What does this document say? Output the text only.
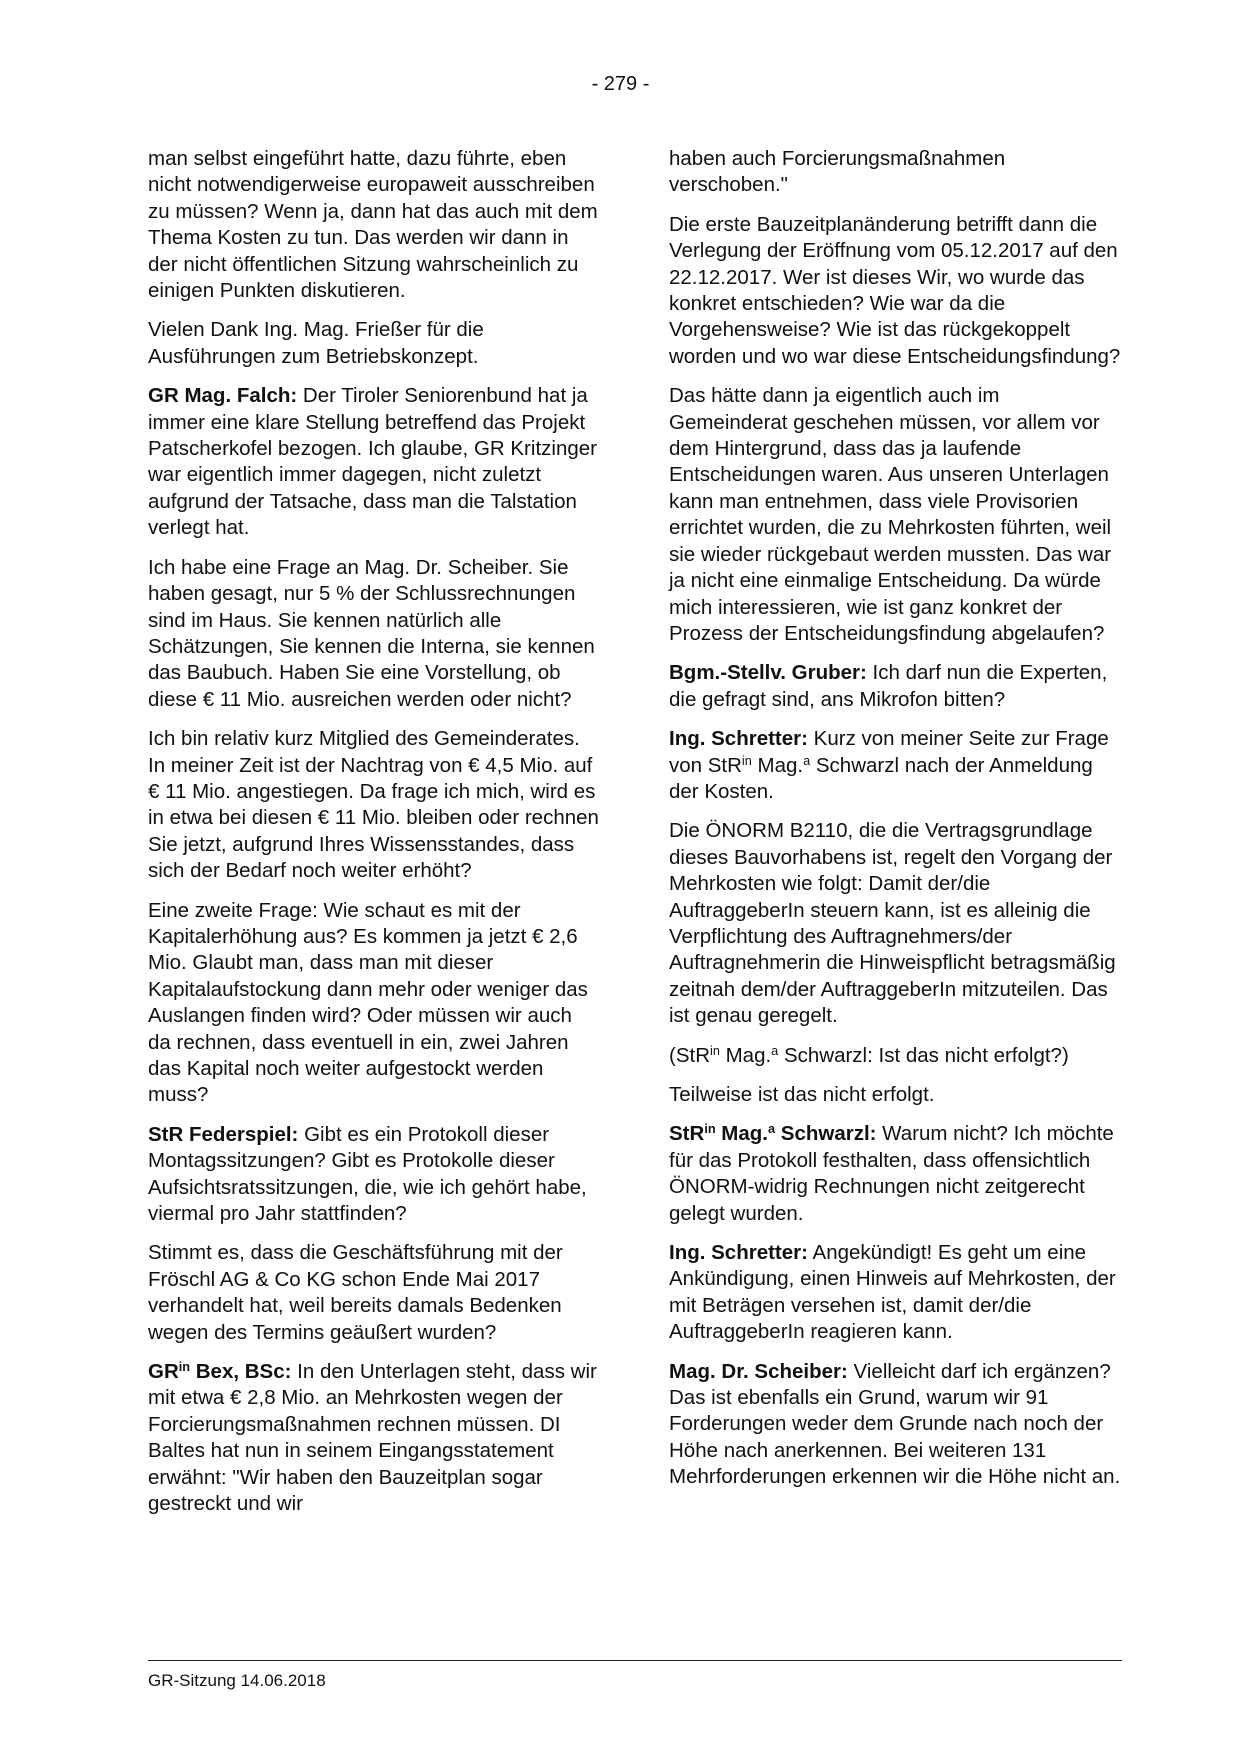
- 279 -

man selbst eingeführt hatte, dazu führte, eben nicht notwendigerweise europaweit ausschreiben zu müssen? Wenn ja, dann hat das auch mit dem Thema Kosten zu tun. Das werden wir dann in der nicht öffentlichen Sitzung wahrscheinlich zu einigen Punkten diskutieren.

Vielen Dank Ing. Mag. Frießer für die Ausführungen zum Betriebskonzept.

GR Mag. Falch: Der Tiroler Seniorenbund hat ja immer eine klare Stellung betreffend das Projekt Patscherkofel bezogen. Ich glaube, GR Kritzinger war eigentlich immer dagegen, nicht zuletzt aufgrund der Tatsache, dass man die Talstation verlegt hat.

Ich habe eine Frage an Mag. Dr. Scheiber. Sie haben gesagt, nur 5 % der Schlussrechnungen sind im Haus. Sie kennen natürlich alle Schätzungen, Sie kennen die Interna, sie kennen das Baubuch. Haben Sie eine Vorstellung, ob diese € 11 Mio. ausreichen werden oder nicht?

Ich bin relativ kurz Mitglied des Gemeinderates. In meiner Zeit ist der Nachtrag von € 4,5 Mio. auf € 11 Mio. angestiegen. Da frage ich mich, wird es in etwa bei diesen € 11 Mio. bleiben oder rechnen Sie jetzt, aufgrund Ihres Wissensstandes, dass sich der Bedarf noch weiter erhöht?

Eine zweite Frage: Wie schaut es mit der Kapitalerhöhung aus? Es kommen ja jetzt € 2,6 Mio. Glaubt man, dass man mit dieser Kapitalaufstockung dann mehr oder weniger das Auslangen finden wird? Oder müssen wir auch da rechnen, dass eventuell in ein, zwei Jahren das Kapital noch weiter aufgestockt werden muss?

StR Federspiel: Gibt es ein Protokoll dieser Montagssitzungen? Gibt es Protokolle dieser Aufsichtsratssitzungen, die, wie ich gehört habe, viermal pro Jahr stattfinden?

Stimmt es, dass die Geschäftsführung mit der Fröschl AG & Co KG schon Ende Mai 2017 verhandelt hat, weil bereits damals Bedenken wegen des Termins geäußert wurden?

$GR^{in}$ Bex, BSc: In den Unterlagen steht, dass wir mit etwa € 2,8 Mio. an Mehrkosten wegen der Forcierungsmaßnahmen rechnen müssen. DI Baltes hat nun in seinem Eingangsstatement erwähnt: "Wir haben den Bauzeitplan sogar gestreckt und wir

haben auch Forcierungsmaßnahmen verschoben."

Die erste Bauzeitplanänderung betrifft dann die Verlegung der Eröffnung vom 05.12.2017 auf den 22.12.2017. Wer ist dieses Wir, wo wurde das konkret entschieden? Wie war da die Vorgehensweise? Wie ist das rückgekoppelt worden und wo war diese Entscheidungsfindung?

Das hätte dann ja eigentlich auch im Gemeinderat geschehen müssen, vor allem vor dem Hintergrund, dass das ja laufende Entscheidungen waren. Aus unseren Unterlagen kann man entnehmen, dass viele Provisorien errichtet wurden, die zu Mehrkosten führten, weil sie wieder rückgebaut werden mussten. Das war ja nicht eine einmalige Entscheidung. Da würde mich interessieren, wie ist ganz konkret der Prozess der Entscheidungsfindung abgelaufen?

Bgm.-Stellv. Gruber: Ich darf nun die Experten, die gefragt sind, ans Mikrofon bitten?

Ing. Schretter: Kurz von meiner Seite zur Frage von StR$^{in}$ Mag.$^a$ Schwarzl nach der Anmeldung der Kosten.

Die ÖNORM B2110, die die Vertragsgrundlage dieses Bauvorhabens ist, regelt den Vorgang der Mehrkosten wie folgt: Damit der/die AuftraggeberIn steuern kann, ist es alleinig die Verpflichtung des Auftragnehmers/der Auftragnehmerin die Hinweispflicht betragsmäßig zeitnah dem/der AuftraggeberIn mitzuteilen. Das ist genau geregelt.

(StR$^{in}$ Mag.$^a$ Schwarzl: Ist das nicht erfolgt?)

Teilweise ist das nicht erfolgt.

StR$^{in}$ Mag.$^a$ Schwarzl: Warum nicht? Ich möchte für das Protokoll festhalten, dass offensichtlich ÖNORM-widrig Rechnungen nicht zeitgerecht gelegt wurden.

Ing. Schretter: Angekündigt! Es geht um eine Ankündigung, einen Hinweis auf Mehrkosten, der mit Beträgen versehen ist, damit der/die AuftraggeberIn reagieren kann.

Mag. Dr. Scheiber: Vielleicht darf ich ergänzen? Das ist ebenfalls ein Grund, warum wir 91 Forderungen weder dem Grunde nach noch der Höhe nach anerkennen. Bei weiteren 131 Mehrforderungen erkennen wir die Höhe nicht an.

GR-Sitzung 14.06.2018
